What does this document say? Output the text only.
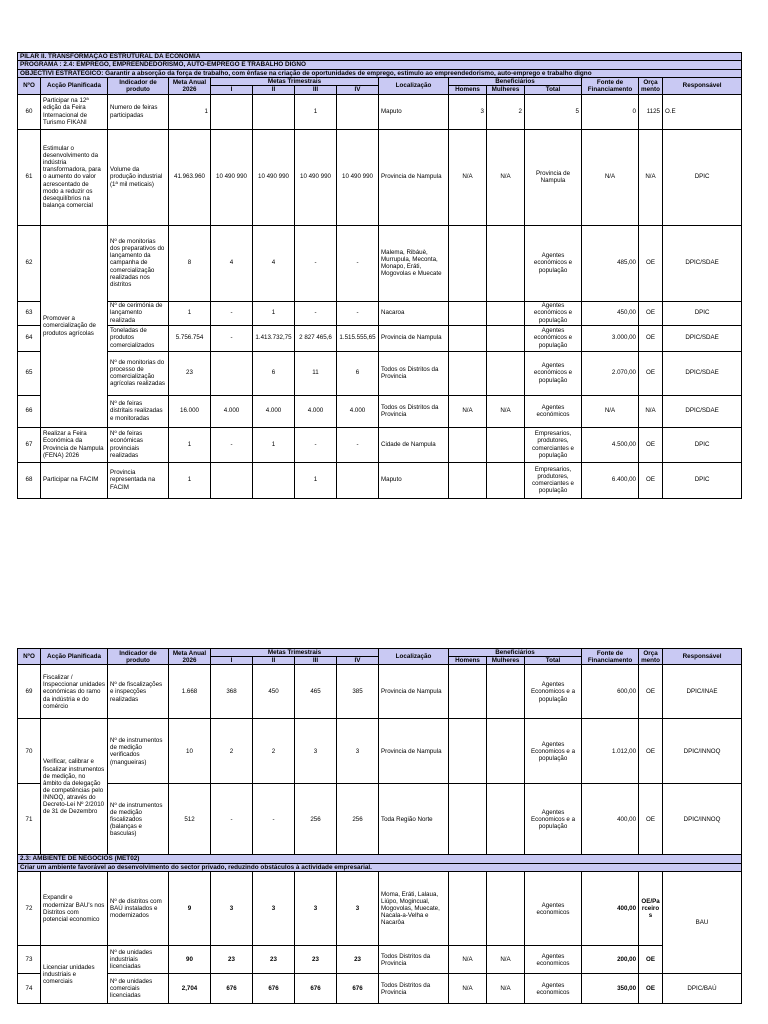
PILAR II. TRANSFORMAÇÃO ESTRUTURAL DA ECONOMIA														
PROGRAMA : 2.4: EMPREGO, EMPREENDEDORISMO, AUTO-EMPREGO E TRABALHO DIGNO														
OBJECTIVI ESTRATEGICO: Garantir a absorção da força de trabalho, com ênfase na criação de oportunidades de emprego, estimulo ao empreendedorismo, auto-emprego e trabalho digno														
NºO	Acção Planificada	Indicador de produto	Meta Anual 2026	Metas Trimestrais				Localização	Beneficiários			Fonte de Financiamento	Orçamento	Responsável
				I	II	III	IV		Homens	Mulheres	Total			
60	Participar na 12ª edição da Feira Internacional de Turismo FIKANI	Numero de feiras participadas	1			1		Maputo	3	2	5	0	1125	O.E
61	Estimular o desenvolvimento da indústria transformadora, para o aumento do valor acrescentado de modo a reduzir os desequilíbrios na balança comercial	Volume da produção industrial (1ª mil meticais)	41.963.960	10 490 990	10 490 990	10 490 990	10 490 990	Provincia de Nampula	N/A	N/A	Provincia de Nampula	N/A	N/A	DPIC
62	Promover a comercialização de produtos agrícolas	Nº de monitorias dos preparativos do lançamento da campanha de comercialização realizadas nos distritos	8	4	4	-	-	Malema, Ribáuè, Murrupula, Meconta, Monapo, Eráti, Mogovolas e Muecate			Agentes económicos e população	485,00	OE	DPIC/SDAE
63		Nº de cerimónia de lançamento realizada	1	-	1	-	-	Nacaroa			Agentes económicos e população	450,00	OE	DPIC
64		Toneladas de produtos comercializados	5.756.754	-	1.413.732,75	2 827 465,6	1.515.555,65	Provincia de Nampula			Agentes económicos e população	3.000,00	OE	DPIC/SDAE
65		Nº de monitorias do processo de comercialização agrícolas realizadas	23		6	11	6	Todos os Distritos da Provincia			Agentes económicos e população	2.070,00	OE	DPIC/SDAE
66		Nº de feiras distritais realizadas e monitoradas	16.000	4.000	4.000	4.000	4.000	Todos os Distritos da Provincia	N/A	N/A	Agentes económicos	N/A	N/A	DPIC/SDAE
67	Realizar a Feira Económica da Provincia de Nampula (FENA) 2026	Nº de feiras económicas provinciais realizadas	1	-	1	-	-	Cidade de Nampula			Empresarios, produtores, comerciantes e população	4.500,00	OE	DPIC
68	Participar na FACIM	Provincia representada na FACIM	1			1		Maputo			Empresarios, produtores, comerciantes e população	6.400,00	OE	DPIC
NºO	Acção Planificada	Indicador de produto	Meta Anual 2026	Metas Trimestrais				Localização	Beneficiários			Fonte de Financiamento	Orçamento	Responsável
				I	II	III	IV		Homens	Mulheres	Total			
69	Fiscalizar / Inspeccionar unidades económicas do ramo da indústria e do comércio	Nº de fiscalizações e inspecções realizadas	1.668	368	450	465	385	Provincia de Nampula			Agentes Economicos e a população	600,00	OE	DPIC/INAE
70	Verificar, calibrar e fiscalizar instrumentos de medição, no âmbito da delegação de competências pelo INNOQ, através do Decreto-Lei Nº 2/2010 de 31 de Dezembro	Nº de instrumentos de medição verificados (mangueiras)	10	2	2	3	3	Provincia de Nampula			Agentes Economicos e a população	1.012,00	OE	DPIC/INNOQ
71		Nº de instrumentos de medição fiscalizados (balanças e basculas)	512	-	-	256	256	Toda Região Norte			Agentes Economicos e a população	400,00	OE	DPIC/INNOQ
2.3: AMBIENTE DE NEGÓCIOS (MET02)														
Criar um ambiente favorável ao desenvolvimento do sector privado, reduzindo obstáculos à actividade empresarial.														
72	Expandir e modernizar BAU's nos Distritos com potencial economico	Nº de distritos com BAÚ instalados e modernizados	9	3	3	3	3	Moma, Eráti, Lalaua, Liúpo, Mogincual, Mogovolas, Muecate, Nacala-a-Velha e Nacarôa			Agentes economicos	400,00	OE/Parceiros	BAU
73	Licenciar unidades industriais e comerciais	Nº de unidades industriais licenciadas	90	23	23	23	23	Todos Distritos da Provincia	N/A	N/A	Agentes economicos	200,00	OE	
74		Nº de unidades comerciais licenciadas	2,704	676	676	676	676	Todos Distritos da Provincia	N/A	N/A	Agentes economicos	350,00	OE	DPIC/BAÚ
